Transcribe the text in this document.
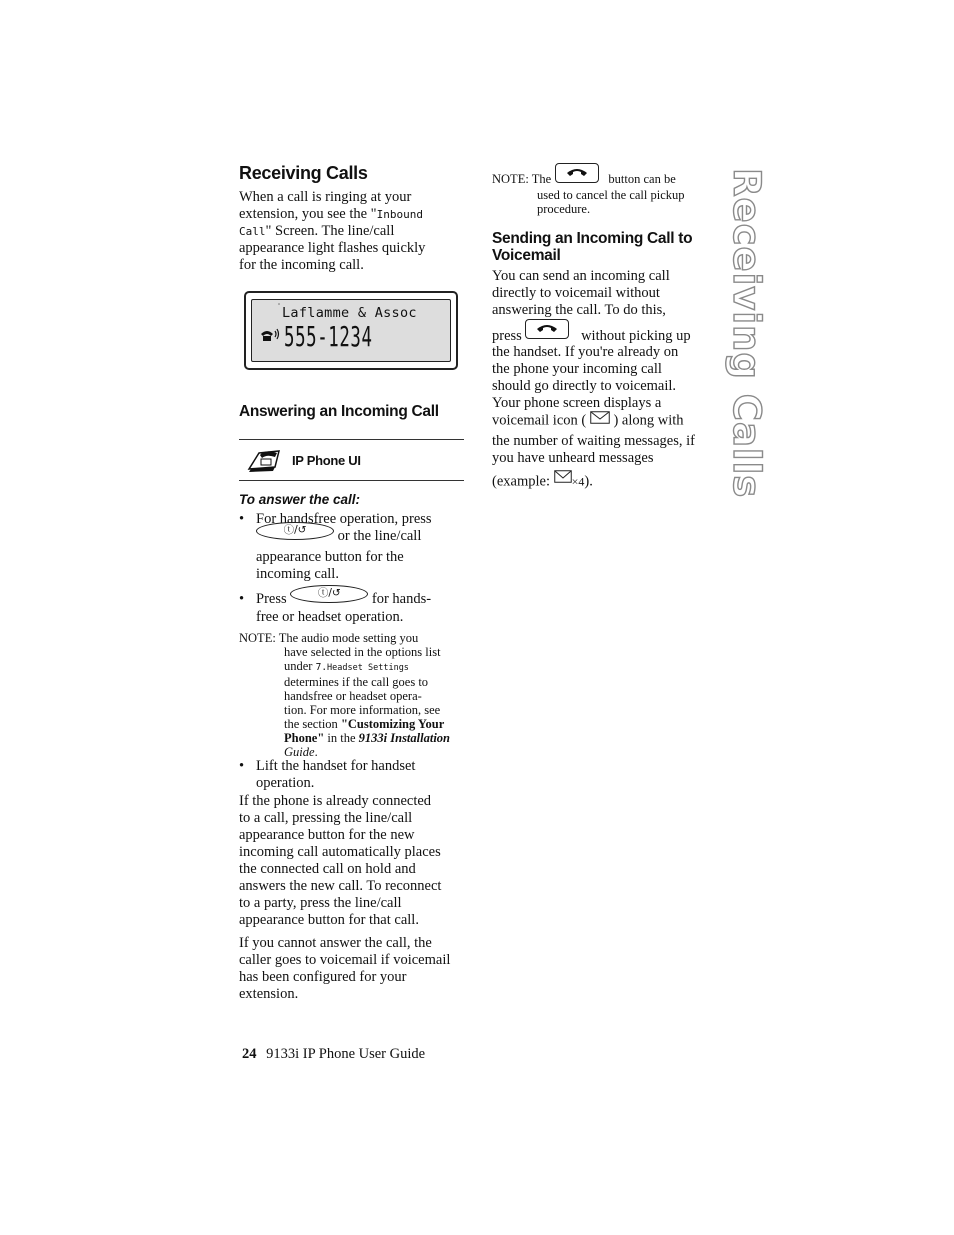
Receiving Calls
When a call is ringing at your
extension, you see the "Inbound
Call" Screen. The line/call
appearance light flashes quickly
for the incoming call.
˙ Laflamme & Assoc
555-1234
Answering an Incoming Call
IP Phone UI
To answer the call:
• For handsfree operation, press
ⓣ/↺ or the line/call
appearance button for the
incoming call.
• Press	ⓣ/↺ for hands-
free or headset operation.
NOTE: The audio mode setting you
have selected in the options list
under 7.Headset Settings
determines if the call goes to
handsfree or headset opera-
tion. For more information, see
the section "Customizing Your
Phone" in the 9133i Installation
Guide.
• Lift the handset for handset
operation.
If the phone is already connected
to a call, pressing the line/call
appearance button for the new
incoming call automatically places
the connected call on hold and
answers the new call. To reconnect
to a party, press the line/call
appearance button for that call.
If you cannot answer the call, the
caller goes to voicemail if voicemail
has been configured for your
extension.
NOTE: The	button can be
used to cancel the call pickup
procedure.
Sending an Incoming Call to
Voicemail
You can send an incoming call
directly to voicemail without
answering the call. To do this,
press	without picking up
the handset. If you're already on
the phone your incoming call
should go directly to voicemail.
Your phone screen displays a
voicemail icon ( ) along with
the number of waiting messages, if
you have unheard messages
(example: ×4).	Receiving Calls
24 9133i IP Phone User Guide
